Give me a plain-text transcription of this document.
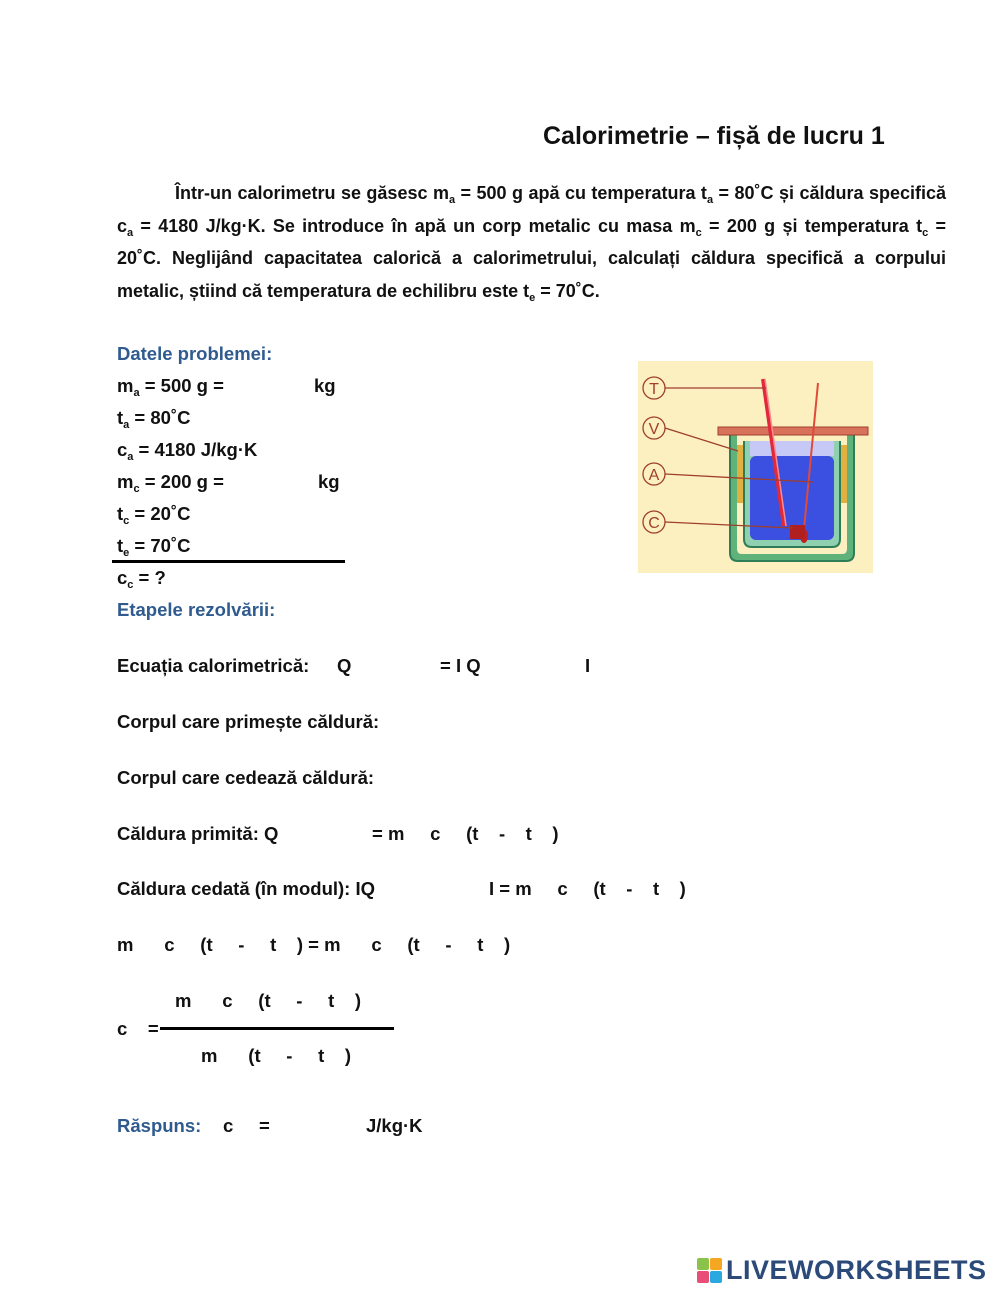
Calorimetrie – fișă de lucru 1
Într-un calorimetru se găsesc $m_a = 500$ g apă cu temperatura $t_a$ = 80˚C și căldura specifică $c_a = 4180$ J/kg·K. Se introduce în apă un corp metalic cu masa $m_c = 200$ g și temperatura $t_c$ = 20˚C. Neglijând capacitatea calorică a calorimetrului, calculați căldura specifică a corpului metalic, știind că temperatura de echilibru este $t_e$ = 70˚C.
Datele problemei:
$m_a = 500$ g =	kg
$t_a$ = 80˚C
$c_a = 4180$ J/kg·K
$m_c = 200$ g =	kg
$t_c$ = 20˚C
$t_e$ = 70˚C
$c_c$ = ?
Etapele rezolvării:
Ecuația calorimetrică: Q	= I Q	I
Corpul care primește căldură:
Corpul care cedează căldură:
Căldura primită: Q	= m     c     (t    -    t    )
Căldura cedată (în modul): IQ	I = m     c     (t    -    t    )
m      c     (t     -     t    ) = m      c     (t     -     t    )
m      c     (t     -     t    )
c    =
m      (t     -     t    )
Răspuns: c     =	J/kg·K
T
V
A
C
LIVEWORKSHEETS
